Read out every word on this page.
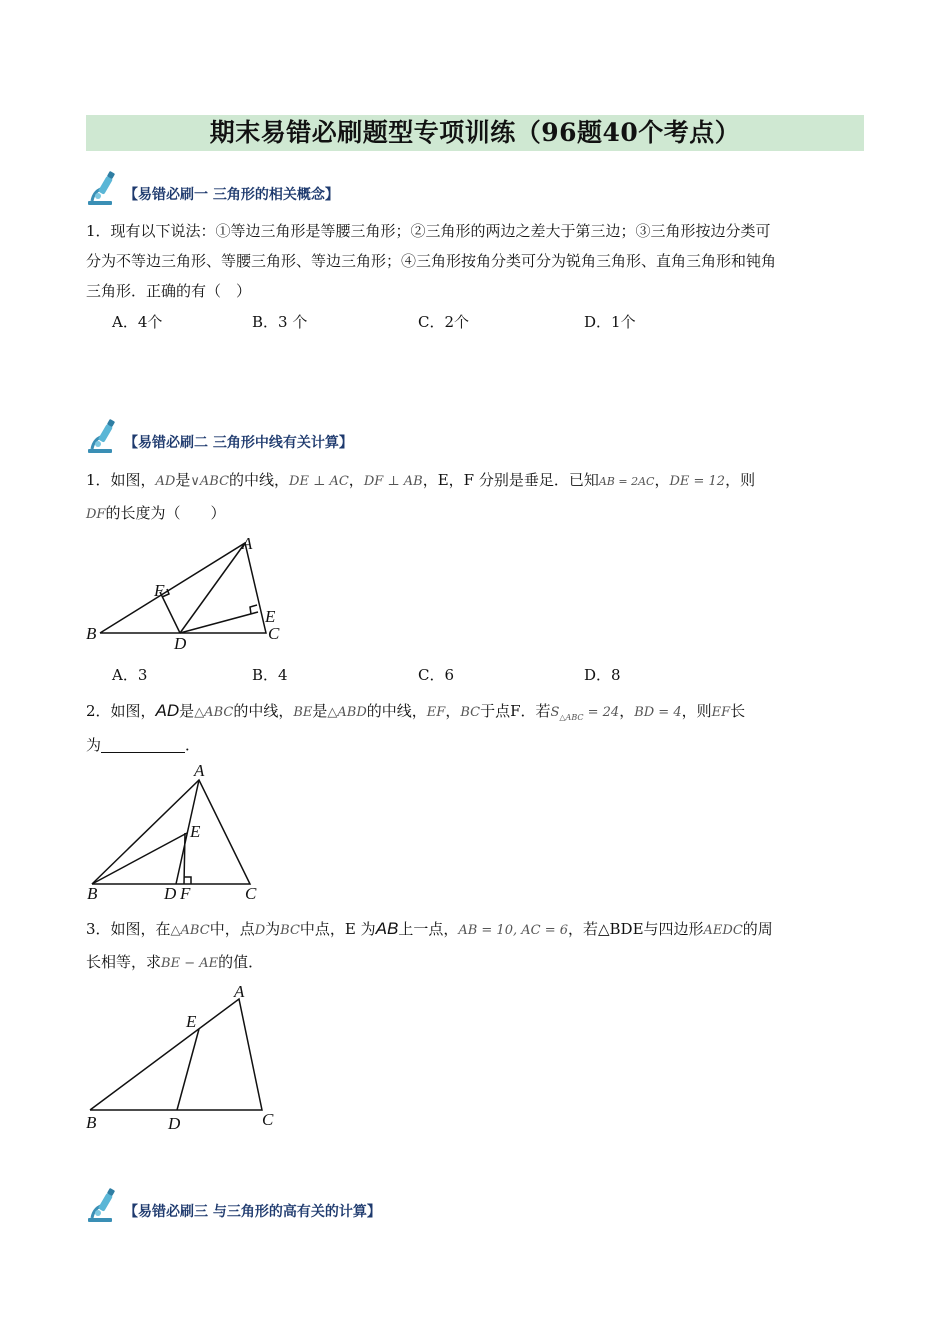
期末易错必刷题型专项训练（96题40个考点）
【易错必刷一 三角形的相关概念】
1．现有以下说法：①等边三角形是等腰三角形；②三角形的两边之差大于第三边；③三角形按边分类可
分为不等边三角形、等腰三角形、等边三角形；④三角形按角分类可分为锐角三角形、直角三角形和钝角
三角形．正确的有（　）
A．4个	B．3 个	C．2个	D．1个
【易错必刷二 三角形中线有关计算】
1．如图，AD是∨ABC的中线，DE ⊥ AC，DF ⊥ AB，E，F 分别是垂足．已知AB = 2AC，DE = 12，则
DF的长度为（　　）
A
B	C
D
E
F
A．3	B．4	C．6	D．8
2．如图，AD是△ABC的中线，BE是△ABD的中线，EF，BC于点F．若$S_{\triangle ABC} = 24$，BD = 4，则EF长
为	．
A
B	C
D
E
F
3．如图，在△ABC中，点D为BC中点，E 为AB上一点，AB = 10, AC = 6，若△BDE与四边形AEDC的周
长相等，求BE − AE的值．
A
B	C
D
E
【易错必刷三 与三角形的高有关的计算】
